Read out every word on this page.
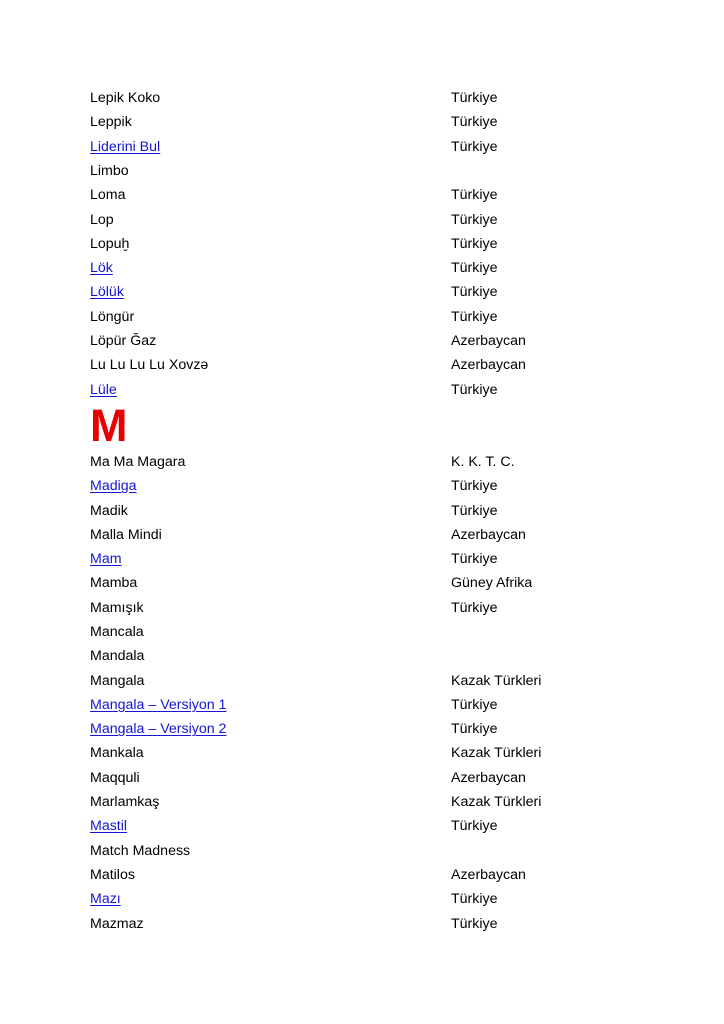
Lepik Koko	Türkiye
Leppik	Türkiye
Liderini Bul	Türkiye
Limbo
Loma	Türkiye
Lop	Türkiye
Lopuḫ	Türkiye
Lök	Türkiye
Lölük	Türkiye
Löngür	Türkiye
Löpür Ğaz	Azerbaycan
Lu Lu Lu Lu Xovzə	Azerbaycan
Lüle	Türkiye
M
Ma Ma Magara	K. K. T. C.
Madiga	Türkiye
Madik	Türkiye
Malla Mindi	Azerbaycan
Mam	Türkiye
Mamba	Güney Afrika
Mamışık	Türkiye
Mancala
Mandala
Mangala	Kazak Türkleri
Mangala – Versiyon 1	Türkiye
Mangala – Versiyon 2	Türkiye
Mankala	Kazak Türkleri
Maqquli	Azerbaycan
Marlamkaş	Kazak Türkleri
Mastil	Türkiye
Match Madness
Matilos	Azerbaycan
Mazı	Türkiye
Mazmaz	Türkiye
